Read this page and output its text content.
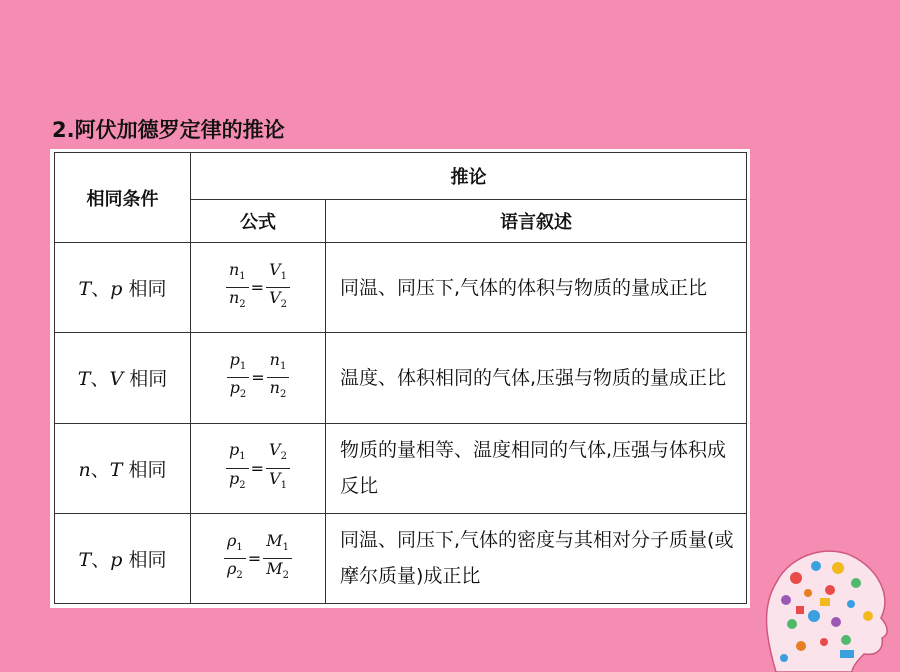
2.阿伏加德罗定律的推论
相同条件	推论	
	公式	语言叙述
T、p 相同	$\frac{n_1}{n_2} = \frac{V_1}{V_2}$	同温、同压下,气体的体积与物质的量成正比
T、V 相同	$\frac{p_1}{p_2} = \frac{n_1}{n_2}$	温度、体积相同的气体,压强与物质的量成正比
n、T 相同	$\frac{p_1}{p_2} = \frac{V_2}{V_1}$	物质的量相等、温度相同的气体,压强与体积成反比
T、p 相同	$\frac{\rho_1}{\rho_2} = \frac{M_1}{M_2}$	同温、同压下,气体的密度与其相对分子质量(或摩尔质量)成正比
